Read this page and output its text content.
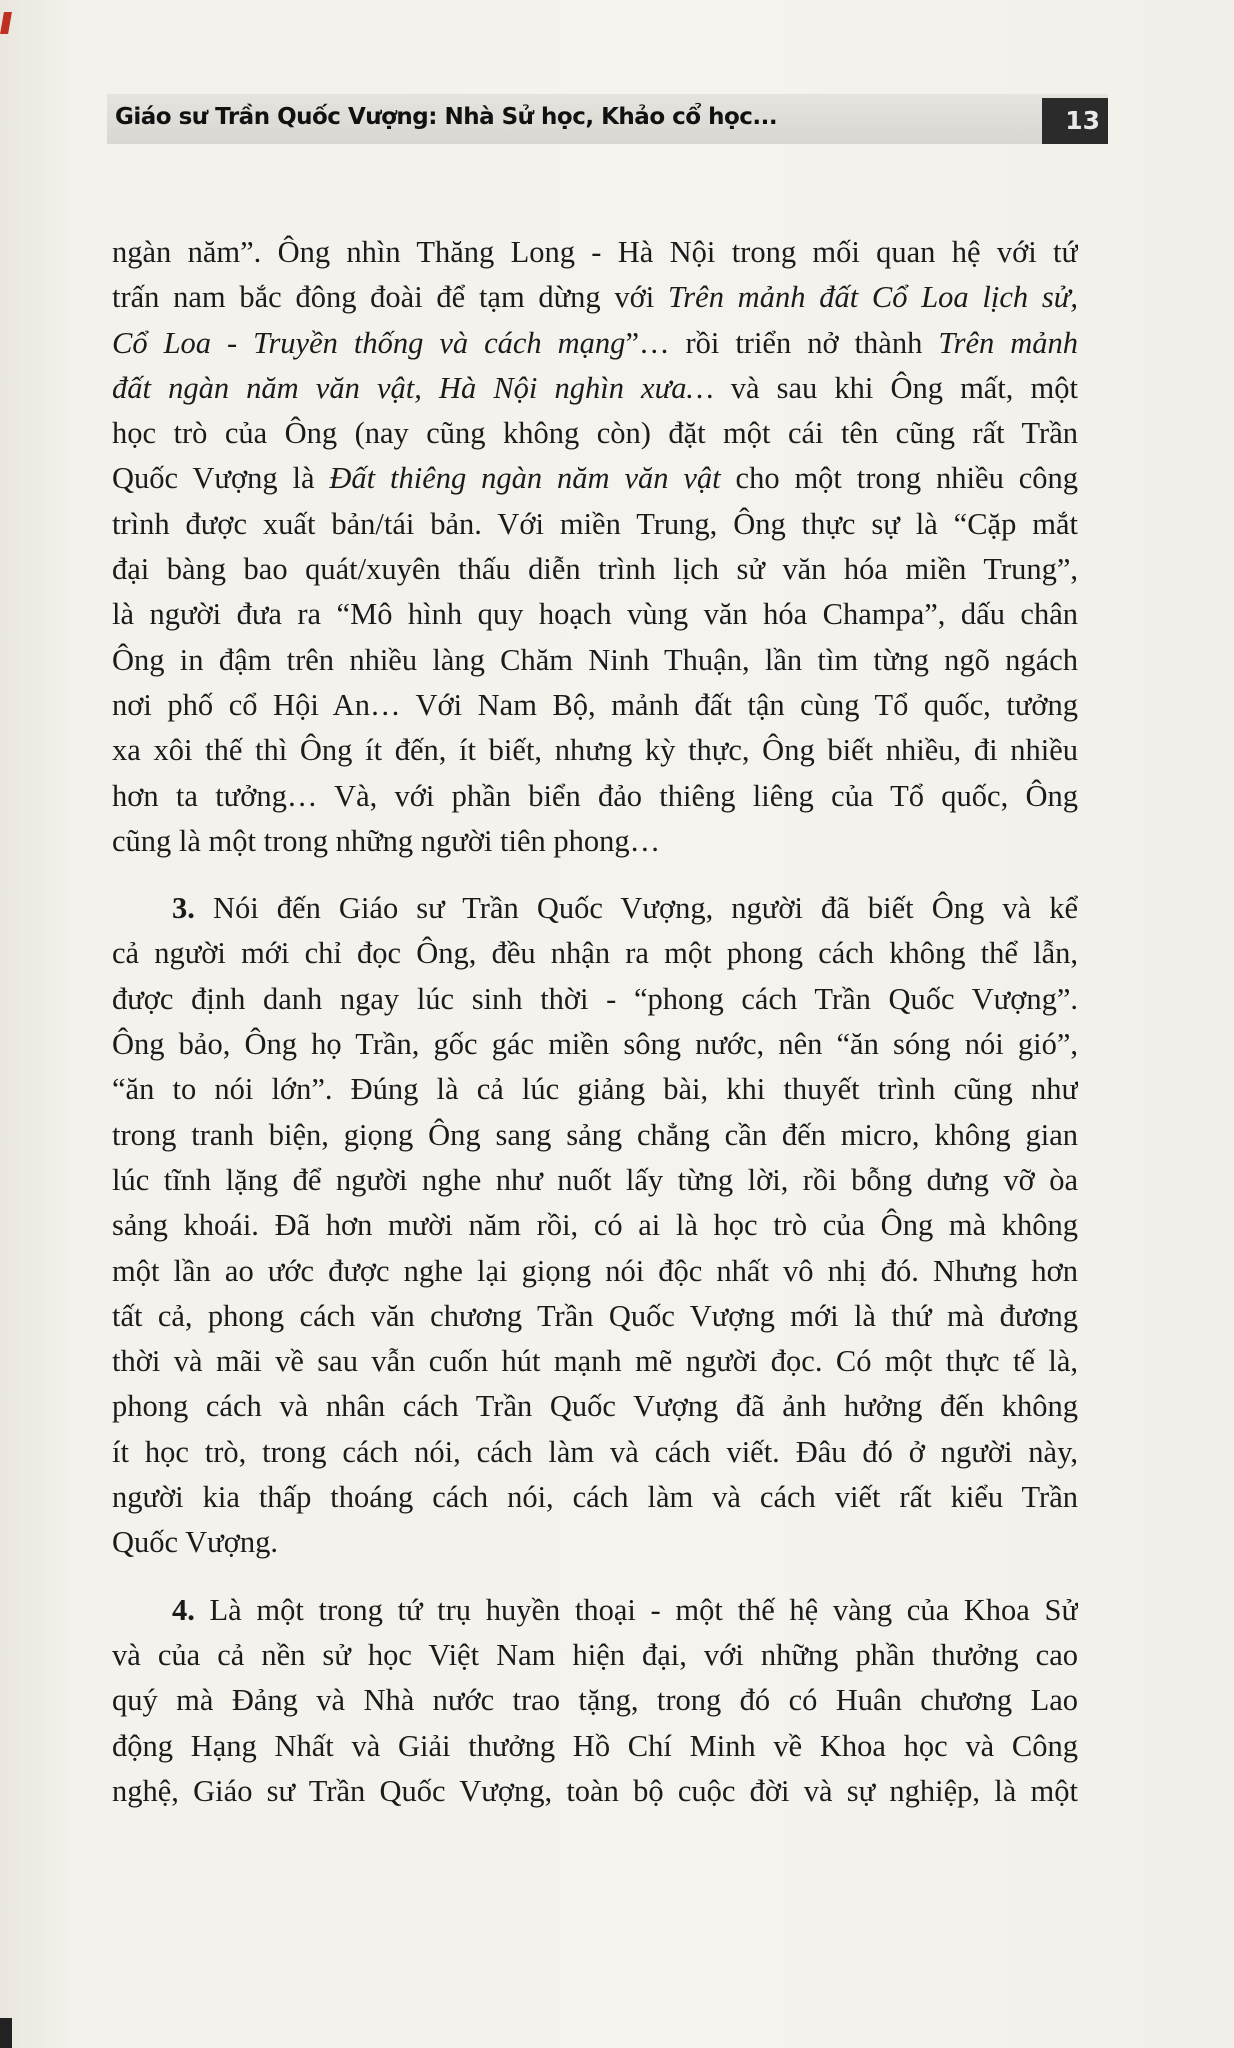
Giáo sư Trần Quốc Vượng: Nhà Sử học, Khảo cổ học...	13
ngàn năm”. Ông nhìn Thăng Long - Hà Nội trong mối quan hệ với tứ
trấn nam bắc đông đoài để tạm dừng với Trên mảnh đất Cổ Loa lịch sử,
Cổ Loa - Truyền thống và cách mạng”… rồi triển nở thành Trên mảnh
đất ngàn năm văn vật, Hà Nội nghìn xưa… và sau khi Ông mất, một
học trò của Ông (nay cũng không còn) đặt một cái tên cũng rất Trần
Quốc Vượng là Đất thiêng ngàn năm văn vật cho một trong nhiều công
trình được xuất bản/tái bản. Với miền Trung, Ông thực sự là “Cặp mắt
đại bàng bao quát/xuyên thấu diễn trình lịch sử văn hóa miền Trung”,
là người đưa ra “Mô hình quy hoạch vùng văn hóa Champa”, dấu chân
Ông in đậm trên nhiều làng Chăm Ninh Thuận, lần tìm từng ngõ ngách
nơi phố cổ Hội An… Với Nam Bộ, mảnh đất tận cùng Tổ quốc, tưởng
xa xôi thế thì Ông ít đến, ít biết, nhưng kỳ thực, Ông biết nhiều, đi nhiều
hơn ta tưởng… Và, với phần biển đảo thiêng liêng của Tổ quốc, Ông
cũng là một trong những người tiên phong…
3. Nói đến Giáo sư Trần Quốc Vượng, người đã biết Ông và kể
cả người mới chỉ đọc Ông, đều nhận ra một phong cách không thể lẫn,
được định danh ngay lúc sinh thời - “phong cách Trần Quốc Vượng”.
Ông bảo, Ông họ Trần, gốc gác miền sông nước, nên “ăn sóng nói gió”,
“ăn to nói lớn”. Đúng là cả lúc giảng bài, khi thuyết trình cũng như
trong tranh biện, giọng Ông sang sảng chẳng cần đến micro, không gian
lúc tĩnh lặng để người nghe như nuốt lấy từng lời, rồi bỗng dưng vỡ òa
sảng khoái. Đã hơn mười năm rồi, có ai là học trò của Ông mà không
một lần ao ước được nghe lại giọng nói độc nhất vô nhị đó. Nhưng hơn
tất cả, phong cách văn chương Trần Quốc Vượng mới là thứ mà đương
thời và mãi về sau vẫn cuốn hút mạnh mẽ người đọc. Có một thực tế là,
phong cách và nhân cách Trần Quốc Vượng đã ảnh hưởng đến không
ít học trò, trong cách nói, cách làm và cách viết. Đâu đó ở người này,
người kia thấp thoáng cách nói, cách làm và cách viết rất kiểu Trần
Quốc Vượng.
4. Là một trong tứ trụ huyền thoại - một thế hệ vàng của Khoa Sử
và của cả nền sử học Việt Nam hiện đại, với những phần thưởng cao
quý mà Đảng và Nhà nước trao tặng, trong đó có Huân chương Lao
động Hạng Nhất và Giải thưởng Hồ Chí Minh về Khoa học và Công
nghệ, Giáo sư Trần Quốc Vượng, toàn bộ cuộc đời và sự nghiệp, là một
